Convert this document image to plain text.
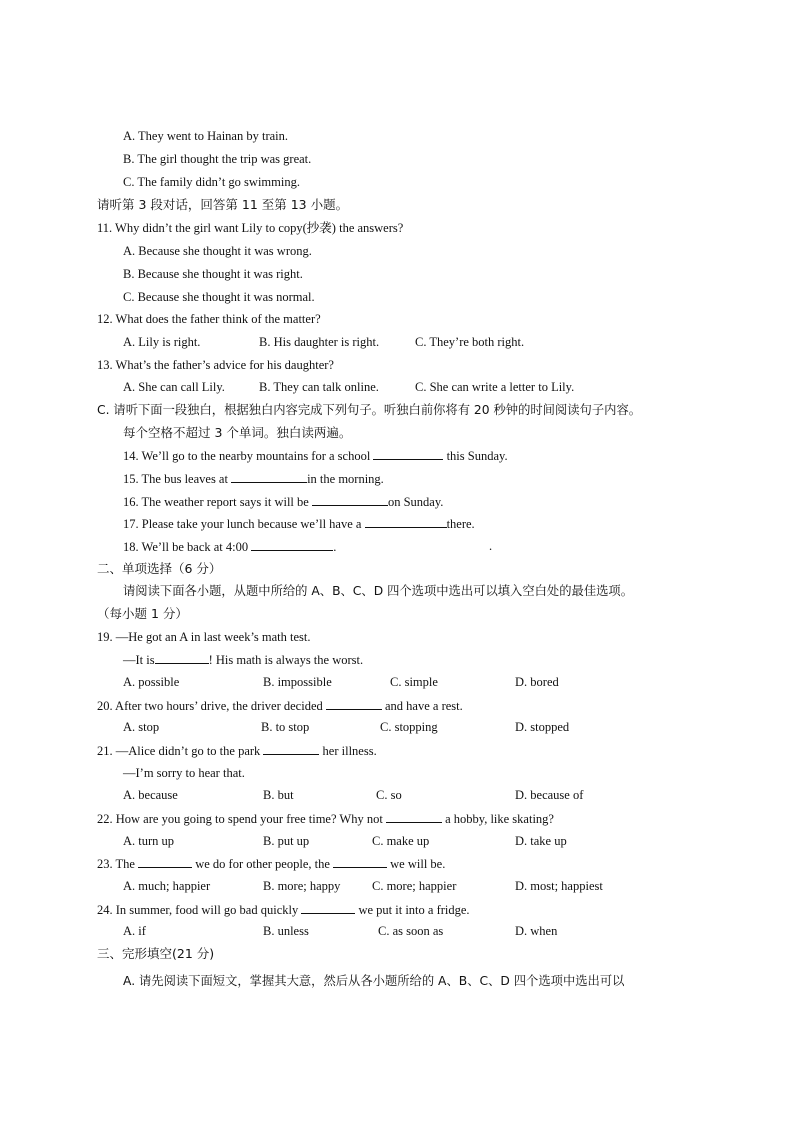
A. They went to Hainan by train.
B. The girl thought the trip was great.
C. The family didn’t go swimming.
请听第 3 段对话，回答第 11 至第 13 小题。
11. Why didn’t the girl want Lily to copy(抄袭) the answers?
A. Because she thought it was wrong.
B. Because she thought it was right.
C. Because she thought it was normal.
12. What does the father think of the matter?
A. Lily is right.	B. His daughter is right.	C. They’re both right.
13. What’s the father’s advice for his daughter?
A. She can call Lily.	B. They can talk online.	C. She can write a letter to Lily.
C. 请听下面一段独白，根据独白内容完成下列句子。听独白前你将有 20 秒钟的时间阅读句子内容。
每个空格不超过 3 个单词。独白读两遍。
14. We’ll go to the nearby mountains for a school	this Sunday.
15. The bus leaves at	in the morning.
16. The weather report says it will be	on Sunday.
17. Please take your lunch because we’ll have a	there.
18. We’ll be back at 4:00	.	.
二、单项选择（6 分）
请阅读下面各小题，从题中所给的 A、B、C、D 四个选项中选出可以填入空白处的最佳选项。
（每小题 1 分）
19. —He got an A in last week’s math test.
—It is	! His math is always the worst.
A. possible	B. impossible	C. simple	D. bored
20. After two hours’ drive, the driver decided	and have a rest.
A. stop	B. to stop	C. stopping	D. stopped
21. —Alice didn’t go to the park	her illness.
—I’m sorry to hear that.
A. because	B. but	C. so	D. because of
22. How are you going to spend your free time? Why not	a hobby, like skating?
A. turn up	B. put up	C. make up	D. take up
23. The	we do for other people, the	we will be.
A. much; happier	B. more; happy	C. more; happier	D. most; happiest
24. In summer, food will go bad quickly	we put it into a fridge.
A. if	B. unless	C. as soon as	D. when
三、完形填空(21 分)
A. 请先阅读下面短文，掌握其大意，然后从各小题所给的 A、B、C、D 四个选项中选出可以
